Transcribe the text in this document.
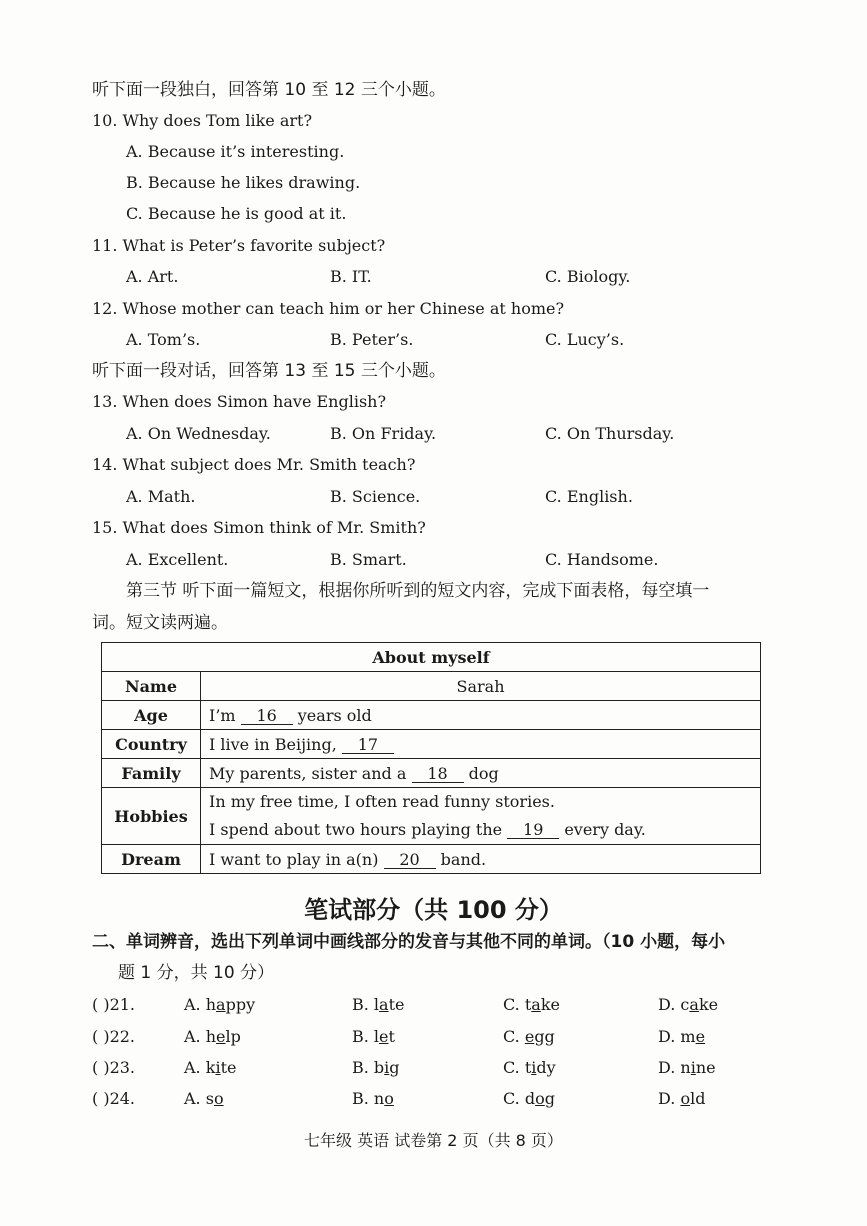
听下面一段独白，回答第 10 至 12 三个小题。
10. Why does Tom like art?
A. Because it’s interesting.
B. Because he likes drawing.
C. Because he is good at it.
11. What is Peter’s favorite subject?
A. Art.	B. IT.	C. Biology.
12. Whose mother can teach him or her Chinese at home?
A. Tom’s.	B. Peter’s.	C. Lucy’s.
听下面一段对话，回答第 13 至 15 三个小题。
13. When does Simon have English?
A. On Wednesday.	B. On Friday.	C. On Thursday.
14. What subject does Mr. Smith teach?
A. Math.	B. Science.	C. English.
15. What does Simon think of Mr. Smith?
A. Excellent.	B. Smart.	C. Handsome.
第三节 听下面一篇短文，根据你所听到的短文内容，完成下面表格，每空填一
词。短文读两遍。
About myself	
Name	Sarah
Age	I’m 16 years old
Country	I live in Beijing, 17
Family	My parents, sister and a 18 dog
Hobbies	In my free time, I often read funny stories.
I spend about two hours playing the 19 every day.

Dream	I want to play in a(n) 20 band.
笔试部分（共 100 分）
二、单词辨音，选出下列单词中画线部分的发音与其他不同的单词。（10 小题，每小
题 1 分，共 10 分）
( )21.	A. happy	B. late	C. take	D. cake
( )22.	A. help	B. let	C. egg	D. me
( )23.	A. kite	B. big	C. tidy	D. nine
( )24.	A. so	B. no	C. dog	D. old
七年级 英语 试卷第 2 页（共 8 页）
